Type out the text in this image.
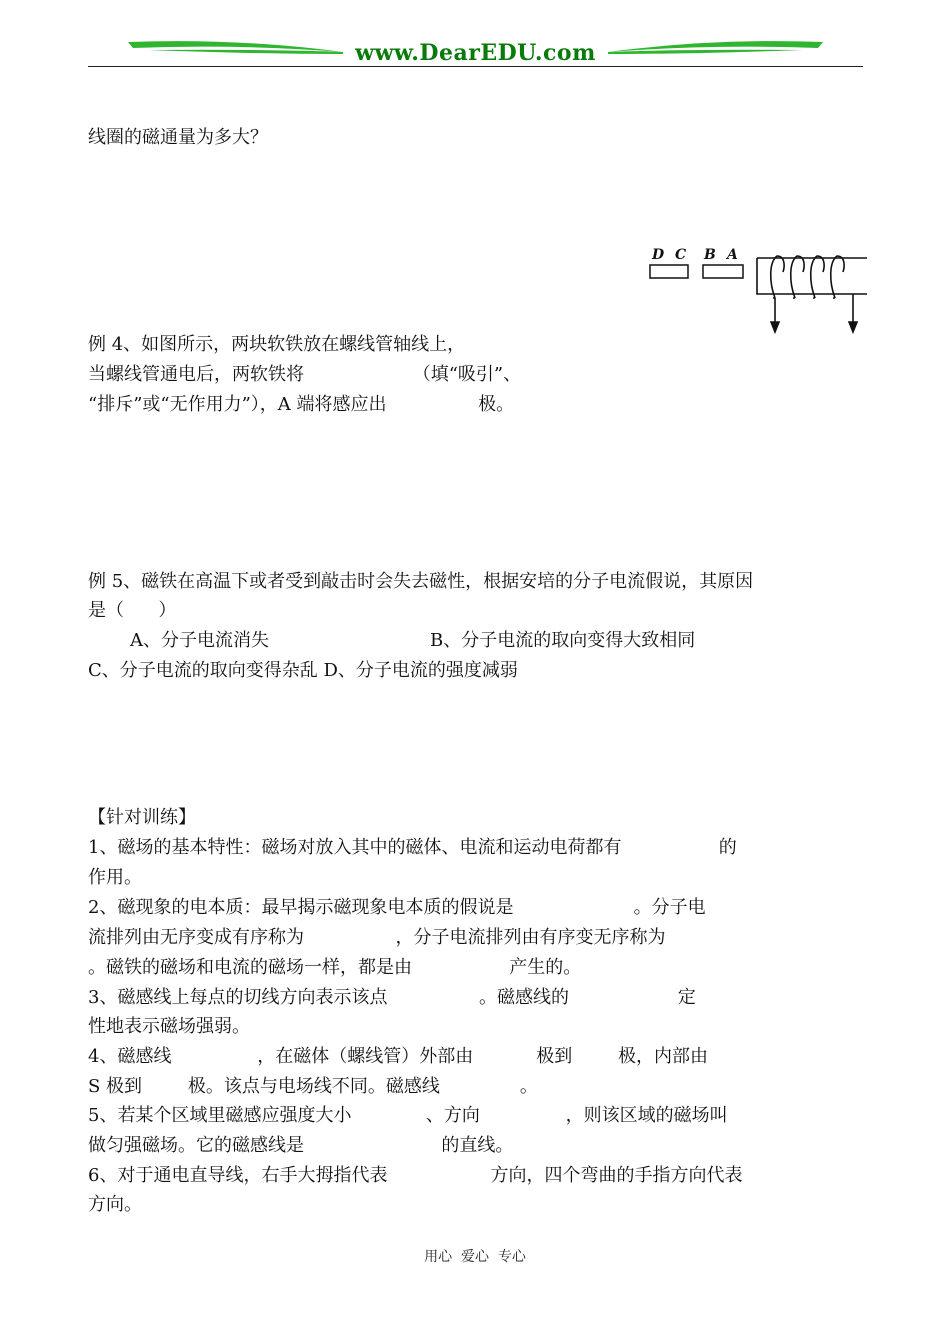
www.DearEDU.com
线圈的磁通量为多大？
D C B A
例 4、如图所示，两块软铁放在螺线管轴线上，
当螺线管通电后，两软铁将                   （填“吸引”、
“排斥”或“无作用力”），A 端将感应出                极。
例 5、磁铁在高温下或者受到敲击时会失去磁性，根据安培的分子电流假说，其原因
是（      ）
A、分子电流消失	B、分子电流的取向变得大致相同
C、分子电流的取向变得杂乱 D、分子电流的强度减弱
【针对训练】
1、磁场的基本特性：磁场对放入其中的磁体、电流和运动电荷都有                 的
作用。
2、磁现象的电本质：最早揭示磁现象电本质的假说是                     。分子电
流排列由无序变成有序称为                ，分子电流排列由有序变无序称为
。磁铁的磁场和电流的磁场一样，都是由                 产生的。
3、磁感线上每点的切线方向表示该点                。磁感线的                   定
性地表示磁场强弱。
4、磁感线               ，在磁体（螺线管）外部由           极到        极，内部由
S 极到        极。该点与电场线不同。磁感线              。
5、若某个区域里磁感应强度大小             、方向               ，则该区域的磁场叫
做匀强磁场。它的磁感线是                        的直线。
6、对于通电直导线，右手大拇指代表                  方向，四个弯曲的手指方向代表
方向。
用心  爱心  专心
